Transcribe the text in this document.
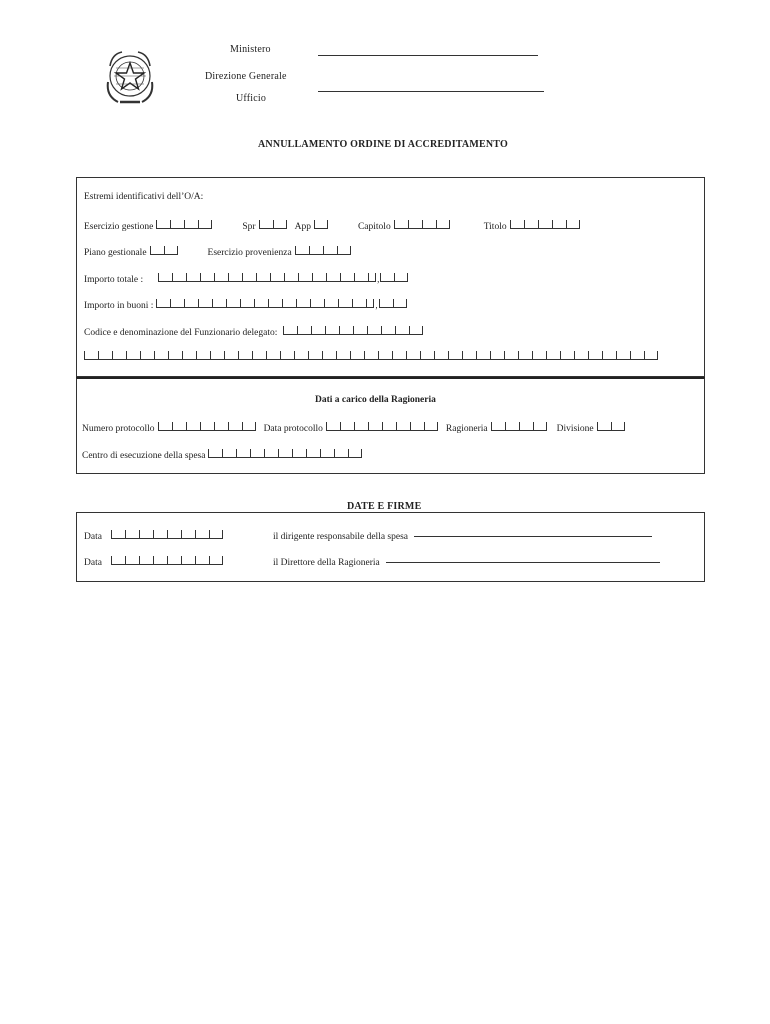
Ministero
Direzione Generale
Ufficio
ANNULLAMENTO ORDINE DI ACCREDITAMENTO
Estremi identificativi dell’O/A:
Esercizio gestione	Spr	App	Capitolo	Titolo
Piano gestionale	Esercizio provenienza
Importo totale :	,
Importo in buoni :	,
Codice e denominazione del Funzionario delegato:
Dati a carico della Ragioneria
Numero protocollo	Data protocollo	Ragioneria	Divisione
Centro di esecuzione della spesa
DATE E FIRME
Data	il dirigente responsabile della spesa
Data	il Direttore della Ragioneria
